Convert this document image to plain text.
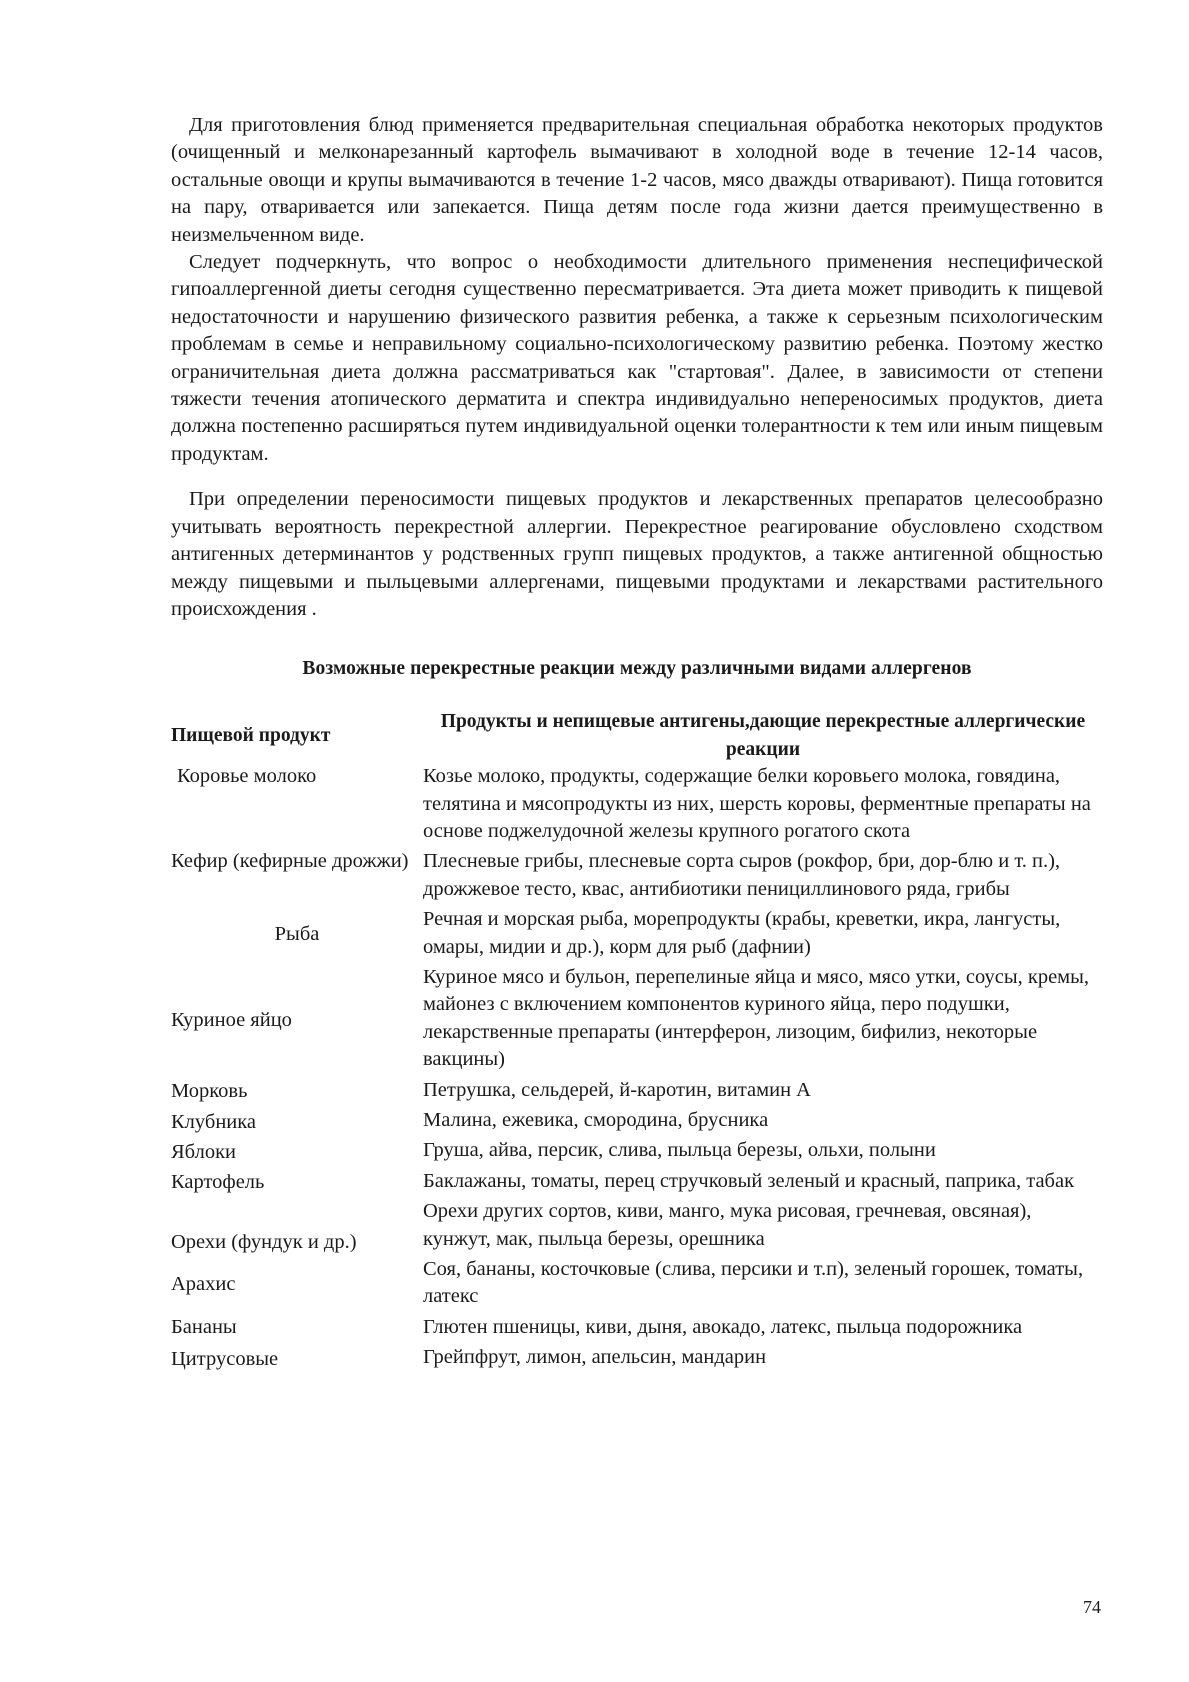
Для приготовления блюд применяется предварительная специальная обработка некоторых продуктов (очищенный и мелконарезанный картофель вымачивают в холодной воде в течение 12-14 часов, остальные овощи и крупы вымачиваются в течение 1-2 часов, мясо дважды отваривают). Пища готовится на пару, отваривается или запекается. Пища детям после года жизни дается преимущественно в неизмельченном виде.

Следует подчеркнуть, что вопрос о необходимости длительного применения неспецифической гипоаллергенной диеты сегодня существенно пересматривается. Эта диета может приводить к пищевой недостаточности и нарушению физического развития ребенка, а также к серьезным психологическим проблемам в семье и неправильному социально-психологическому развитию ребенка. Поэтому жестко ограничительная диета должна рассматриваться как "стартовая". Далее, в зависимости от степени тяжести течения атопического дерматита и спектра индивидуально непереносимых продуктов, диета должна постепенно расширяться путем индивидуальной оценки толерантности к тем или иным пищевым продуктам.

При определении переносимости пищевых продуктов и лекарственных препаратов целесообразно учитывать вероятность перекрестной аллергии. Перекрестное реагирование обусловлено сходством антигенных детерминантов у родственных групп пищевых продуктов, а также антигенной общностью между пищевыми и пыльцевыми аллергенами, пищевыми продуктами и лекарствами растительного происхождения .

Возможные перекрестные реакции между различными видами аллергенов

Пищевой продукт	Продукты и непищевые антигены,дающие перекрестные аллергические реакции
Коровье молоко	Козье молоко, продукты, содержащие белки коровьего молока, говядина, телятина и мясопродукты из них, шерсть коровы, ферментные препараты на основе поджелудочной железы крупного рогатого скота
Кефир (кефирные дрожжи)	Плесневые грибы, плесневые сорта сыров (рокфор, бри, дор-блю и т. п.), дрожжевое тесто, квас, антибиотики пенициллинового ряда, грибы
Рыба	Речная и морская рыба, морепродукты (крабы, креветки, икра, лангусты, омары, мидии и др.), корм для рыб (дафнии)
Куриное яйцо	Куриное мясо и бульон, перепелиные яйца и мясо, мясо утки, соусы, кремы, майонез с включением компонентов куриного яйца, перо подушки, лекарственные препараты (интерферон, лизоцим, бифилиз, некоторые вакцины)
Морковь	Петрушка, сельдерей, й-каротин, витамин А
Клубника	Малина, ежевика, смородина, брусника
Яблоки	Груша, айва, персик, слива, пыльца березы, ольхи, полыни
Картофель	Баклажаны, томаты, перец стручковый зеленый и красный, паприка, табак
Орехи (фундук и др.)	Орехи других сортов, киви, манго, мука рисовая, гречневая, овсяная), кунжут, мак, пыльца березы, орешника
Арахис	Соя, бананы, косточковые (слива, персики и т.п), зеленый горошек, томаты, латекс
Бананы	Глютен пшеницы, киви, дыня, авокадо, латекс, пыльца подорожника
Цитрусовые	Грейпфрут, лимон, апельсин, мандарин
74
